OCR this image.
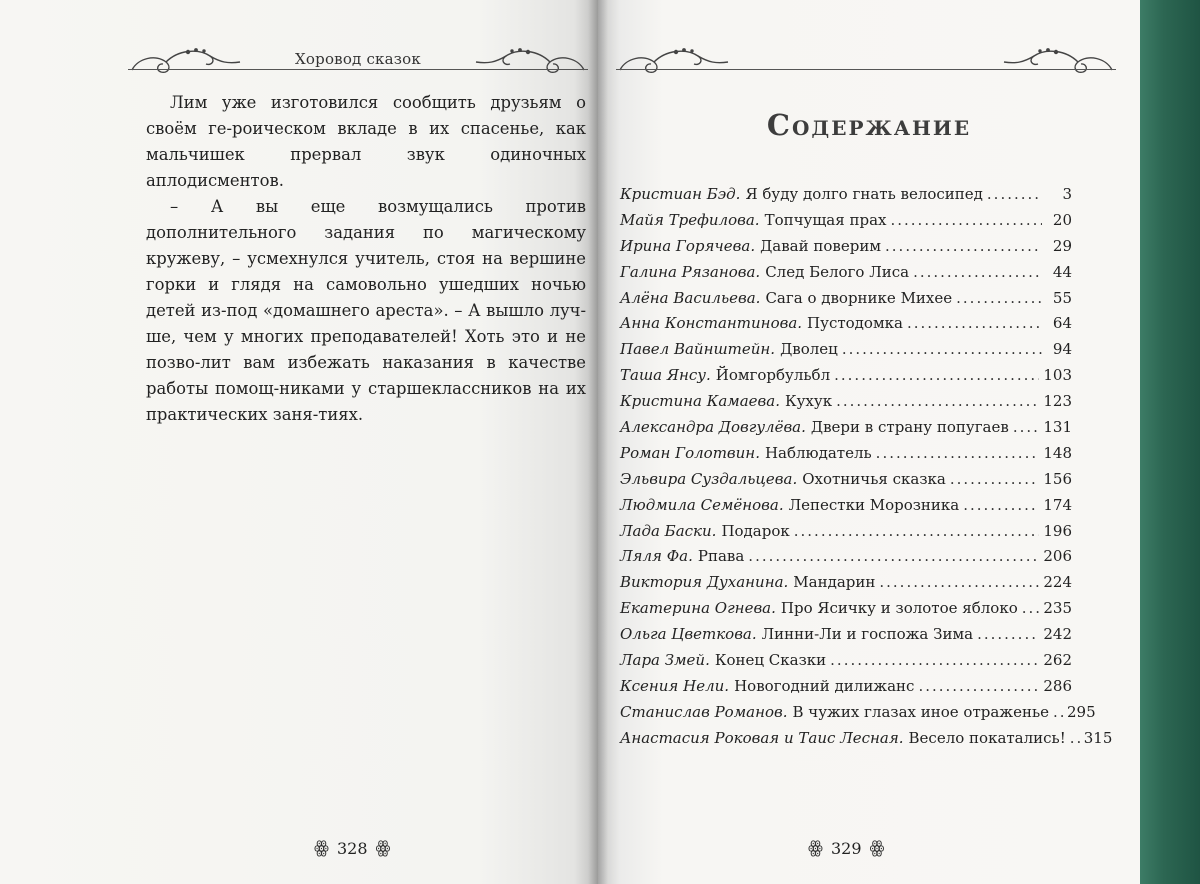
Хоровод сказок

Лим уже изготовился сообщить друзьям о своём ге-роическом вкладе в их спасенье, как мальчишек прервал звук одиночных аплодисментов.

– А вы еще возмущались против дополнительного задания по магическому кружеву, – усмехнулся учитель, стоя на вершине горки и глядя на самовольно ушедших ночью детей из-под «домашнего ареста». – А вышло луч-ше, чем у многих преподавателей! Хоть это и не позво-лит вам избежать наказания в качестве работы помощ-никами у старшеклассников на их практических заня-тиях.

ꙮ 328 ꙮ
Содержание
Кристиан Бэд. Я буду долго гнать велосипед .....	3
Майя Трефилова. Топчущая прах .....	20
Ирина Горячева. Давай поверим .....	29
Галина Рязанова. След Белого Лиса .....	44
Алёна Васильева. Сага о дворнике Михее .....	55
Анна Константинова. Пустодомка .....	64
Павел Вайнштейн. Дволец .....	94
Таша Янсу. Йомгорбульбл .....	103
Кристина Камаева. Кухук .....	123
Александра Довгулёва. Двери в страну попугаев ..... 131
Роман Голотвин. Наблюдатель .....	148
Эльвира Суздальцева. Охотничья сказка .....	156
Людмила Семёнова. Лепестки Морозника .....	174
Лада Баски. Подарок .....	196
Ляля Фа. Рпава .....	206
Виктория Духанина. Мандарин .....	224
Екатерина Огнева. Про Ясичку и золотое яблоко ..... 235
Ольга Цветкова. Линни-Ли и госпожа Зима .....	242
Лара Змей. Конец Сказки .....	262
Ксения Нели. Новогодний дилижанс .....	286
Станислав Романов. В чужих глазах иное отраженье ..... 295
Анастасия Роковая и Таис Лесная. Весело покатались! ..... 315
ꙮ 329 ꙮ
